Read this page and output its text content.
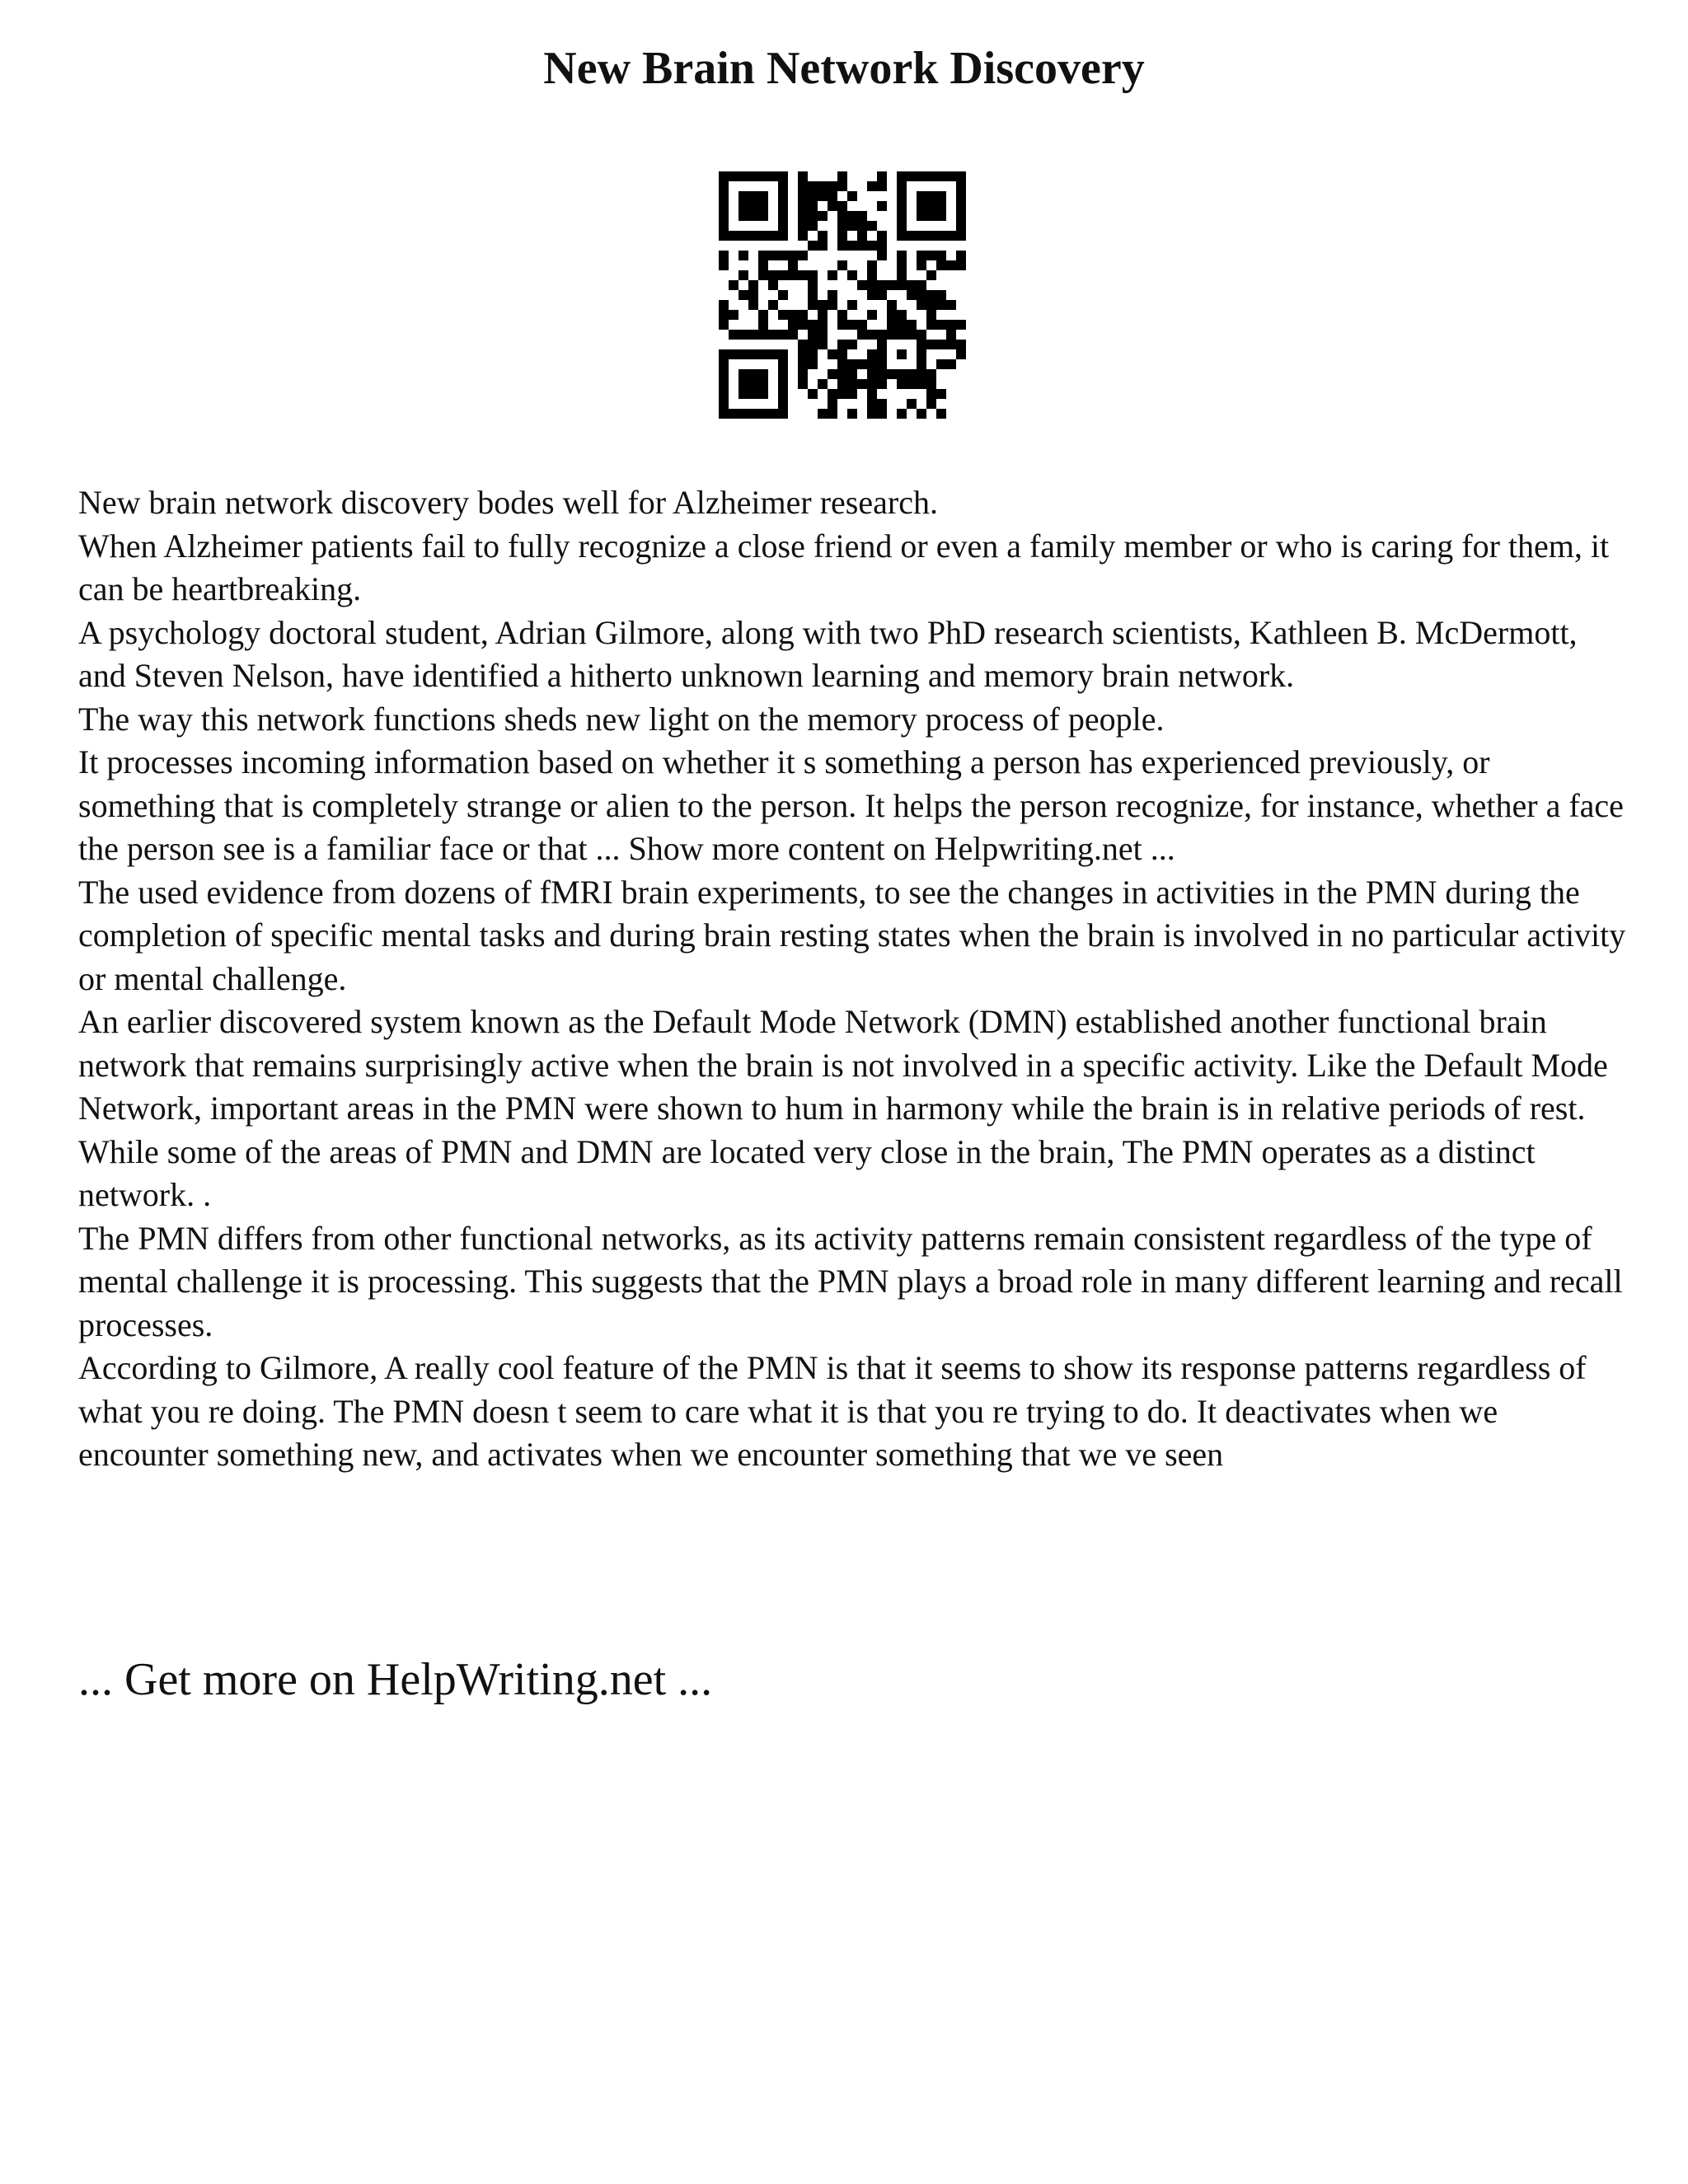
New Brain Network Discovery

New brain network discovery bodes well for Alzheimer research.

When Alzheimer patients fail to fully recognize a close friend or even a family member or who is caring for them, it can be heartbreaking.

A psychology doctoral student, Adrian Gilmore, along with two PhD research scientists, Kathleen B. McDermott, and Steven Nelson, have identified a hitherto unknown learning and memory brain network.

The way this network functions sheds new light on the memory process of people.

It processes incoming information based on whether it s something a person has experienced previously, or something that is completely strange or alien to the person. It helps the person recognize, for instance, whether a face the person see is a familiar face or that ... Show more content on Helpwriting.net ...

The used evidence from dozens of fMRI brain experiments, to see the changes in activities in the PMN during the completion of specific mental tasks and during brain resting states when the brain is involved in no particular activity or mental challenge.

An earlier discovered system known as the Default Mode Network (DMN) established another functional brain network that remains surprisingly active when the brain is not involved in a specific activity. Like the Default Mode Network, important areas in the PMN were shown to hum in harmony while the brain is in relative periods of rest. While some of the areas of PMN and DMN are located very close in the brain, The PMN operates as a distinct network. .

The PMN differs from other functional networks, as its activity patterns remain consistent regardless of the type of mental challenge it is processing. This suggests that the PMN plays a broad role in many different learning and recall processes.

According to Gilmore, A really cool feature of the PMN is that it seems to show its response patterns regardless of what you re doing. The PMN doesn t seem to care what it is that you re trying to do. It deactivates when we encounter something new, and activates when we encounter something that we ve seen

... Get more on HelpWriting.net ...
